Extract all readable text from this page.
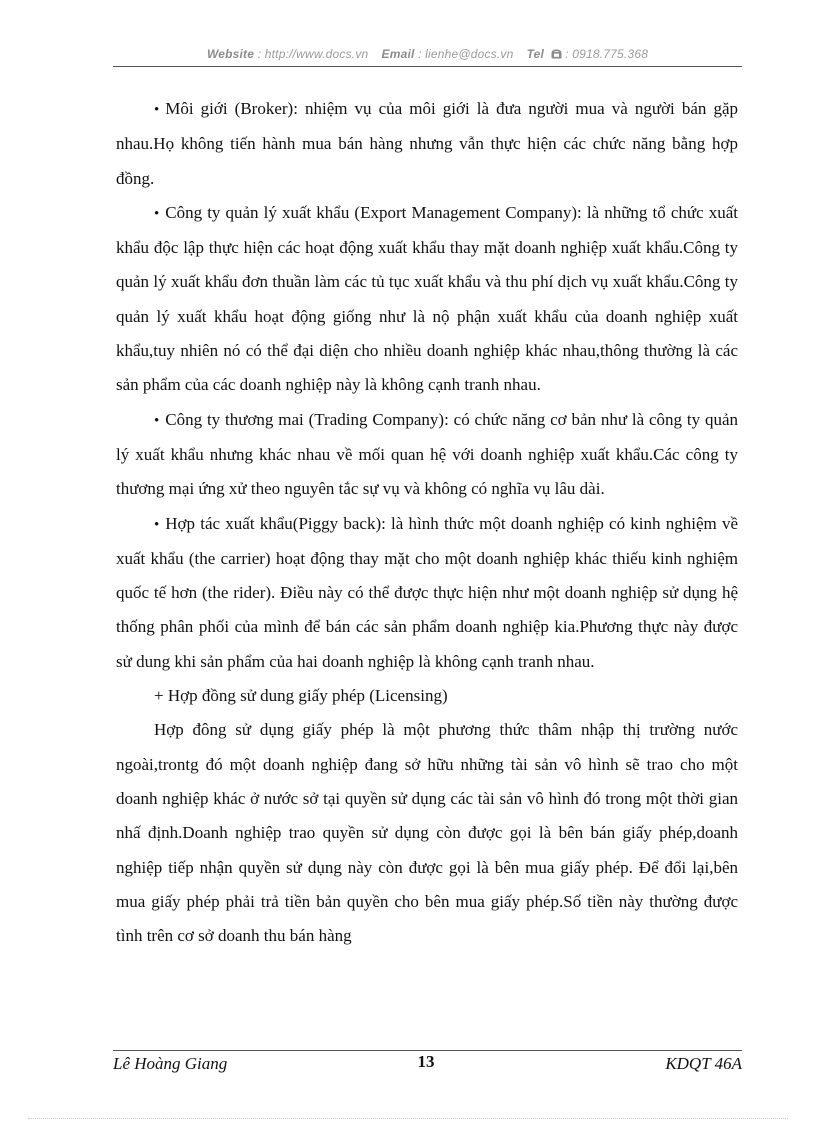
Website : http://www.docs.vn Email : lienhe@docs.vn Tel : 0918.775.368

• Môi giới (Broker): nhiệm vụ của môi giới là đưa người mua và người bán gặp nhau.Họ không tiến hành mua bán hàng nhưng vẫn thực hiện các chức năng bằng hợp đồng.

• Công ty quản lý xuất khẩu (Export Management Company): là những tổ chức xuất khẩu độc lập thực hiện các hoạt động xuất khẩu thay mặt doanh nghiệp xuất khẩu.Công ty quản lý xuất khẩu đơn thuần làm các tủ tục xuất khẩu và thu phí dịch vụ xuất khẩu.Công ty quản lý xuất khẩu hoạt động giống như là nộ phận xuất khẩu của doanh nghiệp xuất khẩu,tuy nhiên nó có thể đại diện cho nhiều doanh nghiệp khác nhau,thông thường là các sản phẩm của các doanh nghiệp này là không cạnh tranh nhau.

• Công ty thương mai (Trading Company): có chức năng cơ bản như là công ty quản lý xuất khẩu nhưng khác nhau về mối quan hệ với doanh nghiệp xuất khẩu.Các công ty thương mại ứng xử theo nguyên tắc sự vụ và không có nghĩa vụ lâu dài.

• Hợp tác xuất khẩu(Piggy back): là hình thức một doanh nghiệp có kinh nghiệm về xuất khẩu (the carrier) hoạt động thay mặt cho một doanh nghiệp khác thiếu kinh nghiệm quốc tế hơn (the rider). Điều này có thể được thực hiện như một doanh nghiệp sử dụng hệ thống phân phối của mình để bán các sản phẩm doanh nghiệp kia.Phương thực này được sử dung khi sản phẩm của hai doanh nghiệp là không cạnh tranh nhau.

+ Hợp đồng sử dung giấy phép (Licensing)

Hợp đông sử dụng giấy phép là một phương thức thâm nhập thị trường nước ngoài,trontg đó một doanh nghiệp đang sở hữu những tài sản vô hình sẽ trao cho một doanh nghiệp khác ở nước sở tại quyền sử dụng các tài sản vô hình đó trong một thời gian nhấ định.Doanh nghiệp trao quyền sử dụng còn được gọi là bên bán giấy phép,doanh nghiệp tiếp nhận quyền sử dụng này còn được gọi là bên mua giấy phép. Để đổi lại,bên mua giấy phép phải trả tiền bản quyền cho bên mua giấy phép.Số tiền này thường được tình trên cơ sở doanh thu bán hàng

Lê Hoàng Giang	13	KDQT 46A
